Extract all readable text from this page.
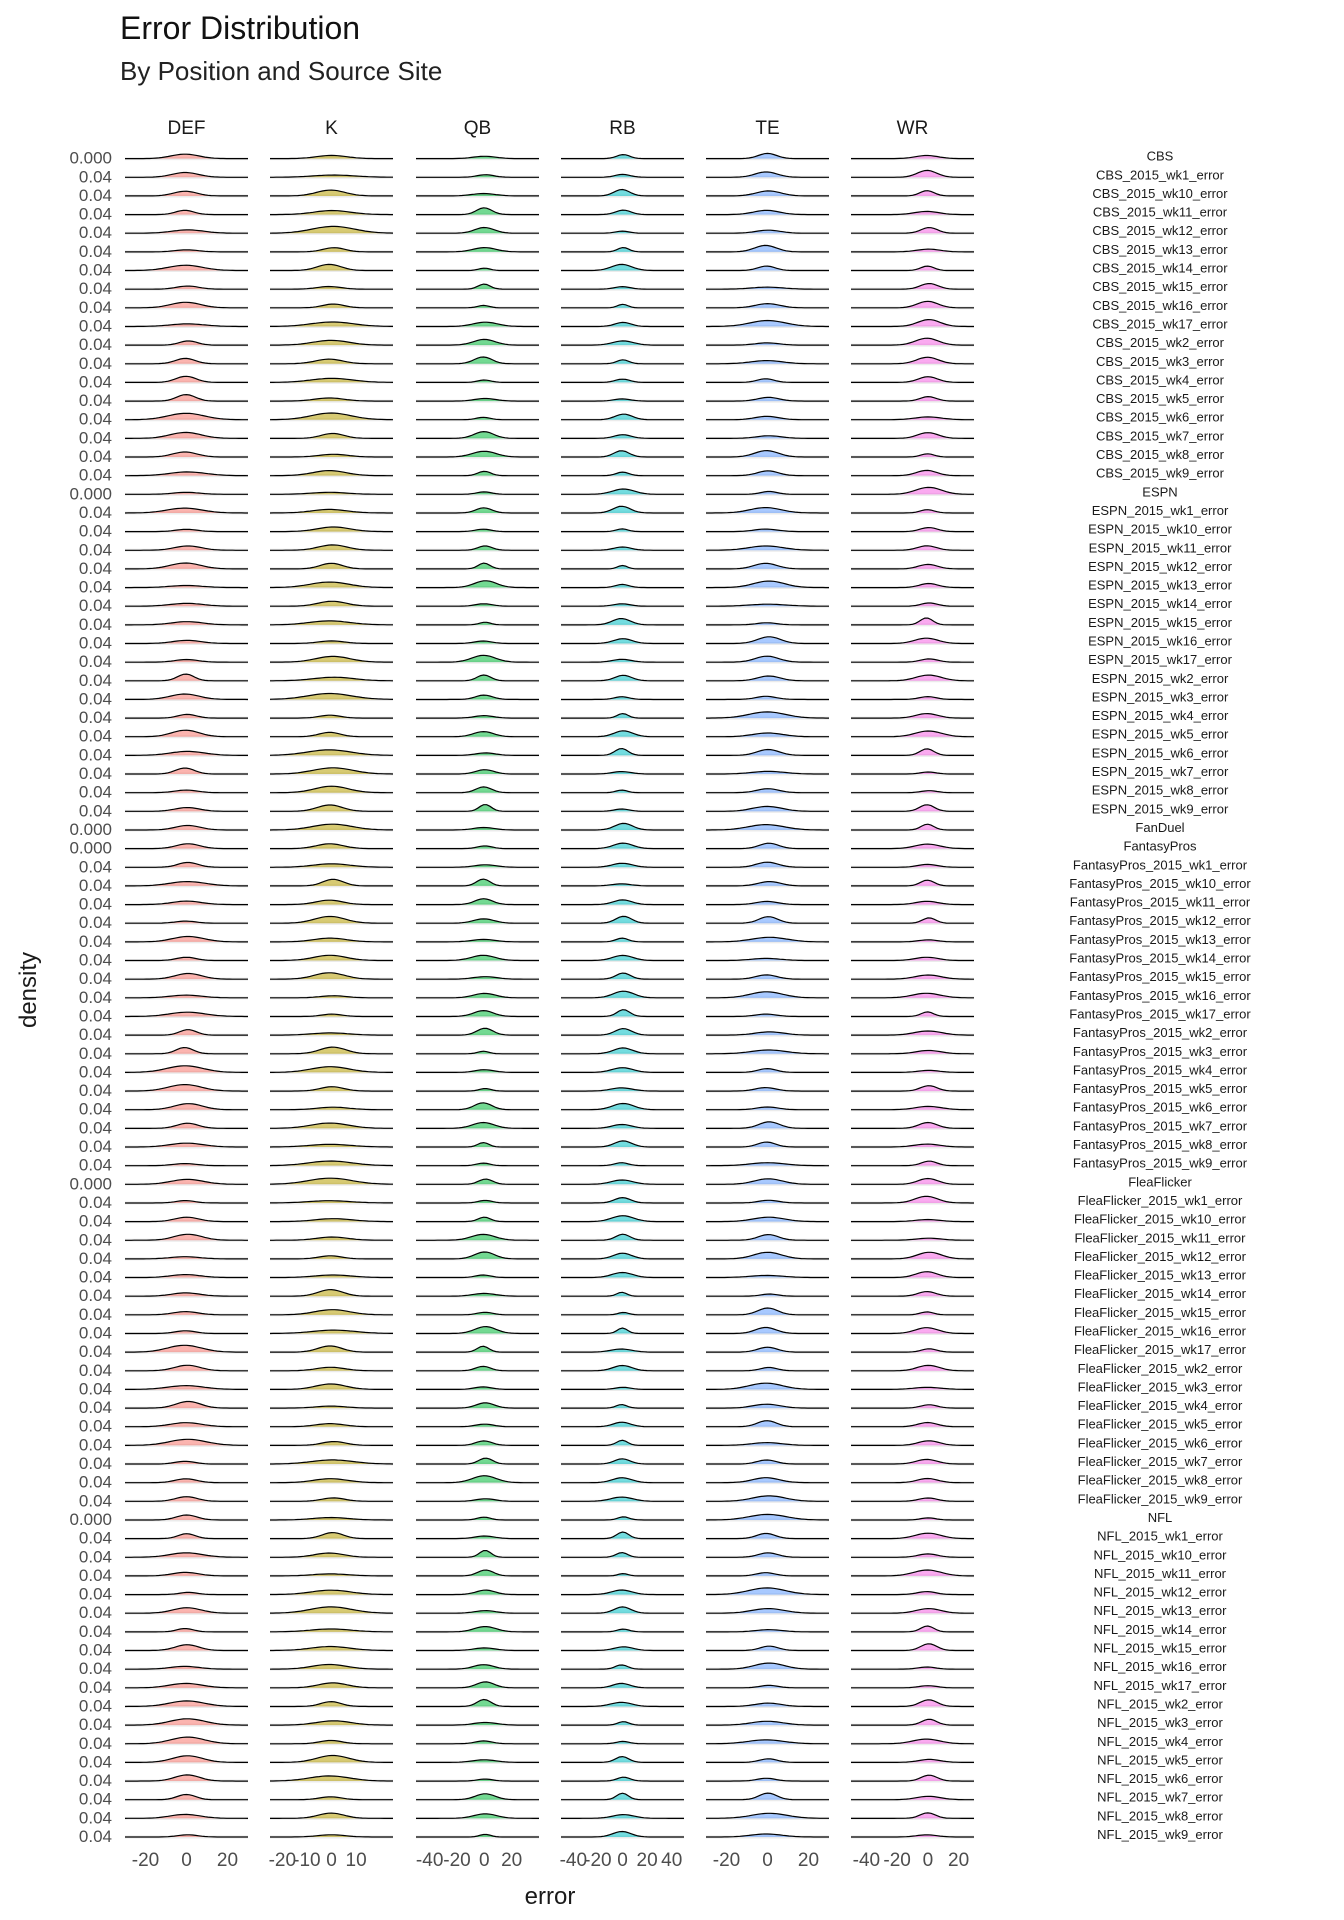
Error Distribution
By Position and Source Site
DEF	K	QB	RB	TE	WR
CBS
CBS_2015_wk1_error
CBS_2015_wk10_error
CBS_2015_wk11_error
CBS_2015_wk12_error
CBS_2015_wk13_error
CBS_2015_wk14_error
CBS_2015_wk15_error
CBS_2015_wk16_error
CBS_2015_wk17_error
CBS_2015_wk2_error
CBS_2015_wk3_error
CBS_2015_wk4_error
CBS_2015_wk5_error
CBS_2015_wk6_error
CBS_2015_wk7_error
CBS_2015_wk8_error
CBS_2015_wk9_error
ESPN
ESPN_2015_wk1_error
ESPN_2015_wk10_error
ESPN_2015_wk11_error
ESPN_2015_wk12_error
ESPN_2015_wk13_error
ESPN_2015_wk14_error
ESPN_2015_wk15_error
ESPN_2015_wk16_error
ESPN_2015_wk17_error
ESPN_2015_wk2_error
ESPN_2015_wk3_error
ESPN_2015_wk4_error
ESPN_2015_wk5_error
ESPN_2015_wk6_error
ESPN_2015_wk7_error
ESPN_2015_wk8_error
ESPN_2015_wk9_error
FanDuel
FantasyPros
FantasyPros_2015_wk1_error
FantasyPros_2015_wk10_error
FantasyPros_2015_wk11_error
FantasyPros_2015_wk12_error
FantasyPros_2015_wk13_error
FantasyPros_2015_wk14_error
FantasyPros_2015_wk15_error
FantasyPros_2015_wk16_error
FantasyPros_2015_wk17_error
FantasyPros_2015_wk2_error
FantasyPros_2015_wk3_error
FantasyPros_2015_wk4_error
FantasyPros_2015_wk5_error
FantasyPros_2015_wk6_error
FantasyPros_2015_wk7_error
FantasyPros_2015_wk8_error
FantasyPros_2015_wk9_error
FleaFlicker
FleaFlicker_2015_wk1_error
FleaFlicker_2015_wk10_error
FleaFlicker_2015_wk11_error
FleaFlicker_2015_wk12_error
FleaFlicker_2015_wk13_error
FleaFlicker_2015_wk14_error
FleaFlicker_2015_wk15_error
FleaFlicker_2015_wk16_error
FleaFlicker_2015_wk17_error
FleaFlicker_2015_wk2_error
FleaFlicker_2015_wk3_error
FleaFlicker_2015_wk4_error
FleaFlicker_2015_wk5_error
FleaFlicker_2015_wk6_error
FleaFlicker_2015_wk7_error
FleaFlicker_2015_wk8_error
FleaFlicker_2015_wk9_error
NFL
NFL_2015_wk1_error
NFL_2015_wk10_error
NFL_2015_wk11_error
NFL_2015_wk12_error
NFL_2015_wk13_error
NFL_2015_wk14_error
NFL_2015_wk15_error
NFL_2015_wk16_error
NFL_2015_wk17_error
NFL_2015_wk2_error
NFL_2015_wk3_error
NFL_2015_wk4_error
NFL_2015_wk5_error
NFL_2015_wk6_error
NFL_2015_wk7_error
NFL_2015_wk8_error
NFL_2015_wk9_error
0.000
0.04
0.04
0.04
0.04
0.04
0.04
0.04
0.04
0.04
0.04
0.04
0.04
0.04
0.04
0.04
0.04
0.04
0.000
0.04
0.04
0.04
0.04
0.04
0.04
0.04
0.04
0.04
0.04
0.04
0.04
0.04
0.04
0.04
0.04
0.04
0.000
0.000
0.04
0.04
0.04
0.04
0.04
0.04
0.04
0.04
0.04
0.04
0.04
0.04
0.04
0.04
0.04
0.04
0.04
0.000
0.04
0.04
0.04
0.04
0.04
0.04
0.04
0.04
0.04
0.04
0.04
0.04
0.04
0.04
0.04
0.04
0.04
0.000
0.04
0.04
0.04
0.04
0.04
0.04
0.04
0.04
0.04
0.04
0.04
0.04
0.04
0.04
0.04
0.04
0.04
-20 0 20 -20
-10 0 10	-40 -20 0 20 -40
-20 0 20 40 -20 0 20 -40 -20 0 20
error
density
